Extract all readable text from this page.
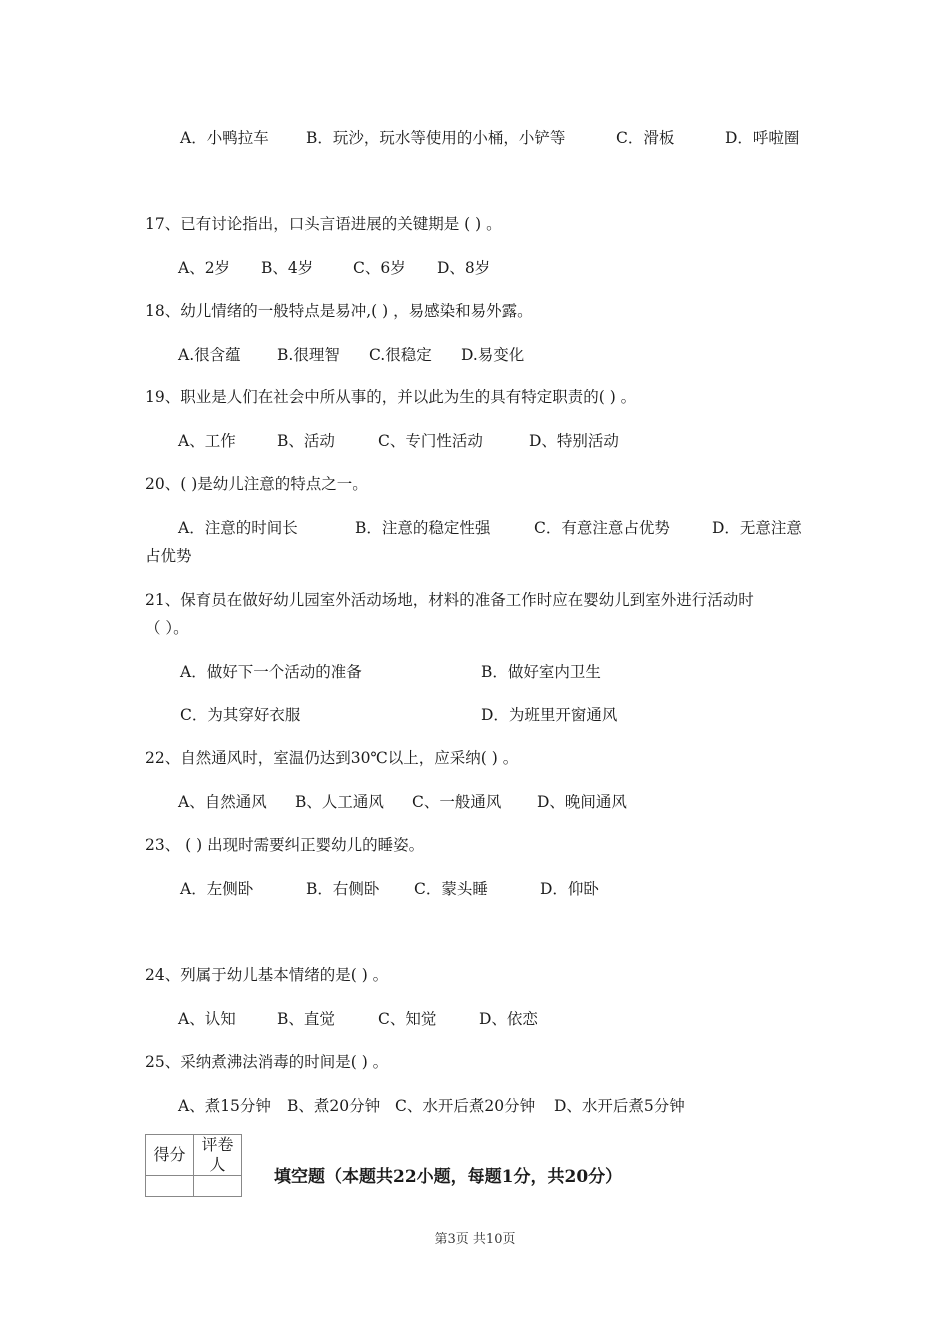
A．小鸭拉车 B．玩沙，玩水等使用的小桶，小铲等	C．滑板	D．呼啦圈
17、已有讨论指出，口头言语进展的关键期是 ( ) 。
A、2岁 B、4岁	C、6岁 D、8岁
18、幼儿情绪的一般特点是易冲,( ) ，易感染和易外露。
A.很含蕴 B.很理智 C.很稳定 D.易变化
19、职业是人们在社会中所从事的，并以此为生的具有特定职责的( ) 。
A、工作	B、活动	C、专门性活动	D、特别活动
20、( )是幼儿注意的特点之一。
A．注意的时间长	B．注意的稳定性强	C．有意注意占优势	D．无意注意
占优势
21、保育员在做好幼儿园室外活动场地，材料的准备工作时应在婴幼儿到室外进行活动时
（ ）。
A．做好下一个活动的准备	B．做好室内卫生
C．为其穿好衣服	D．为班里开窗通风
22、自然通风时，室温仍达到30℃以上，应采纳( ) 。
A、自然通风 B、人工通风 C、一般通风 D、晚间通风
23、 ( ) 出现时需要纠正婴幼儿的睡姿。
A．左侧卧	B．右侧卧 C．蒙头睡	D．仰卧
24、列属于幼儿基本情绪的是( ) 。
A、认知	B、直觉	C、知觉	D、依恋
25、采纳煮沸法消毒的时间是( ) 。
A、煮15分钟 B、煮20分钟 C、水开后煮20分钟 D、水开后煮5分钟
得分	评卷人

填空题（本题共22小题，每题1分，共20分）
第3页 共10页
